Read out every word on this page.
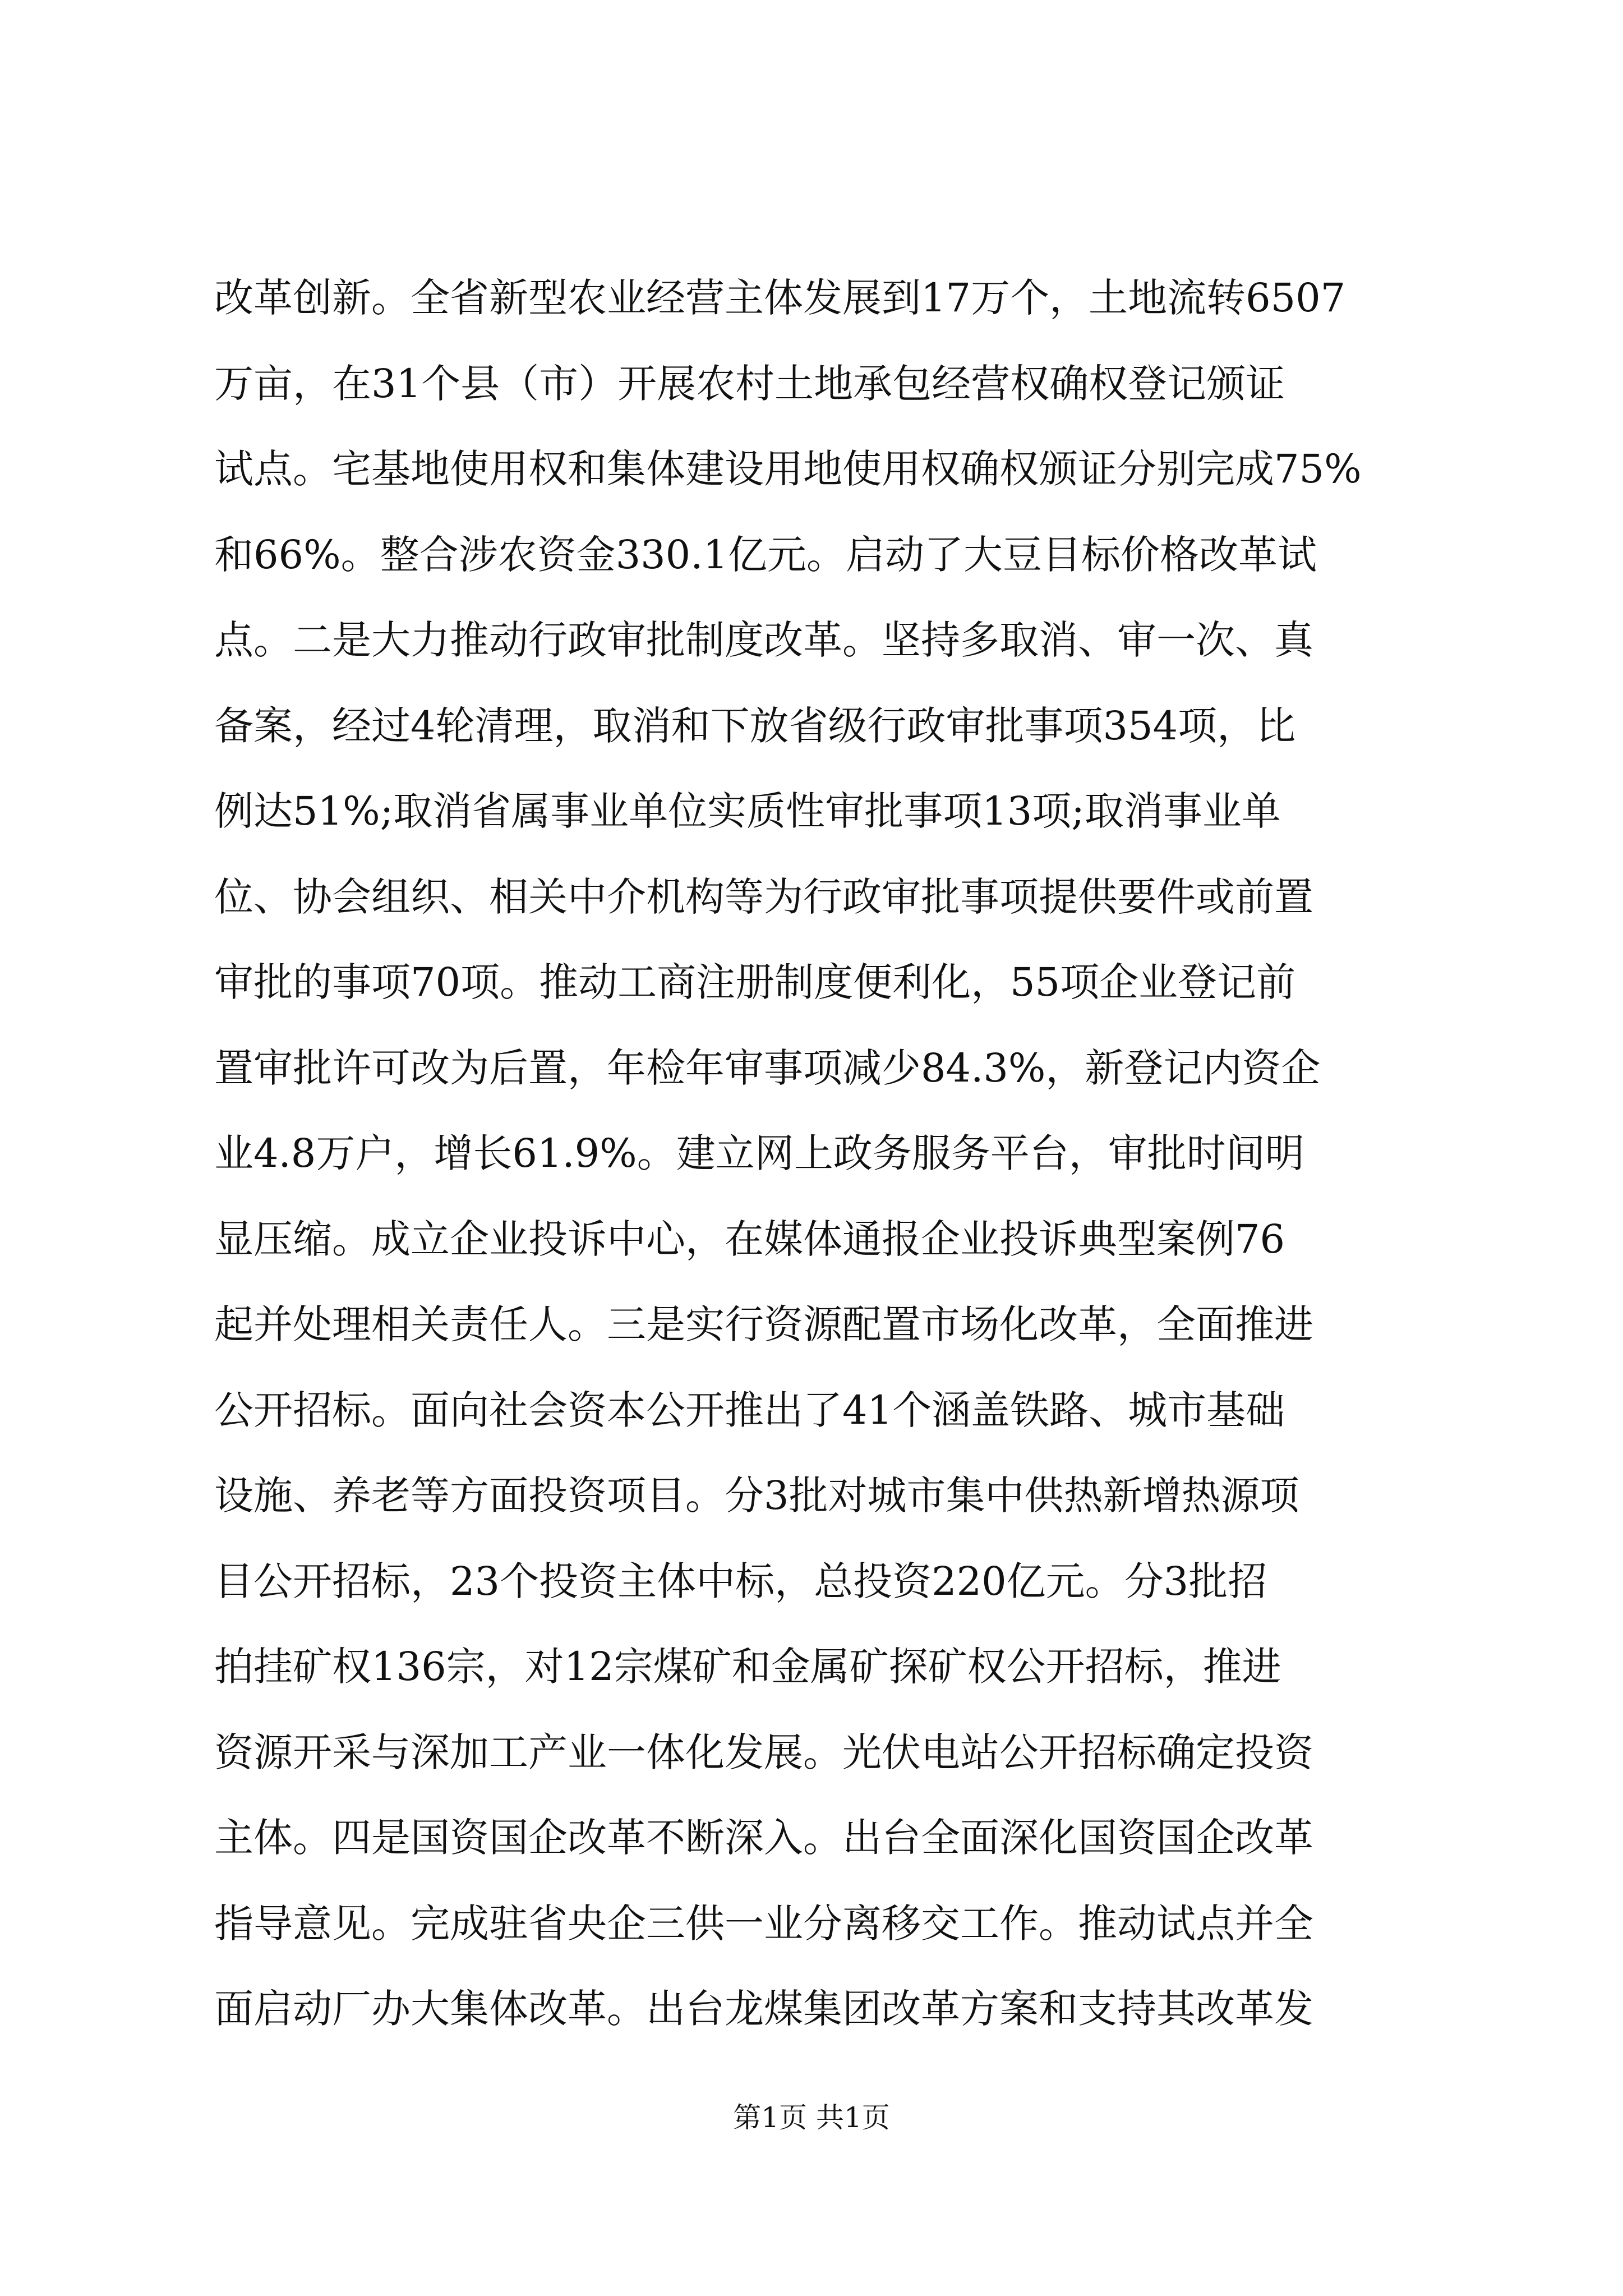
改革创新。全省新型农业经营主体发展到17万个，土地流转6507
万亩，在31个县（市）开展农村土地承包经营权确权登记颁证
试点。宅基地使用权和集体建设用地使用权确权颁证分别完成75%
和66%。整合涉农资金330.1亿元。启动了大豆目标价格改革试
点。二是大力推动行政审批制度改革。坚持多取消、审一次、真
备案，经过4轮清理，取消和下放省级行政审批事项354项，比
例达51%;取消省属事业单位实质性审批事项13项;取消事业单
位、协会组织、相关中介机构等为行政审批事项提供要件或前置
审批的事项70项。推动工商注册制度便利化，55项企业登记前
置审批许可改为后置，年检年审事项减少84.3%，新登记内资企
业4.8万户，增长61.9%。建立网上政务服务平台，审批时间明
显压缩。成立企业投诉中心，在媒体通报企业投诉典型案例76
起并处理相关责任人。三是实行资源配置市场化改革，全面推进
公开招标。面向社会资本公开推出了41个涵盖铁路、城市基础
设施、养老等方面投资项目。分3批对城市集中供热新增热源项
目公开招标，23个投资主体中标，总投资220亿元。分3批招
拍挂矿权136宗，对12宗煤矿和金属矿探矿权公开招标，推进
资源开采与深加工产业一体化发展。光伏电站公开招标确定投资
主体。四是国资国企改革不断深入。出台全面深化国资国企改革
指导意见。完成驻省央企三供一业分离移交工作。推动试点并全
面启动厂办大集体改革。出台龙煤集团改革方案和支持其改革发
第1页 共1页
